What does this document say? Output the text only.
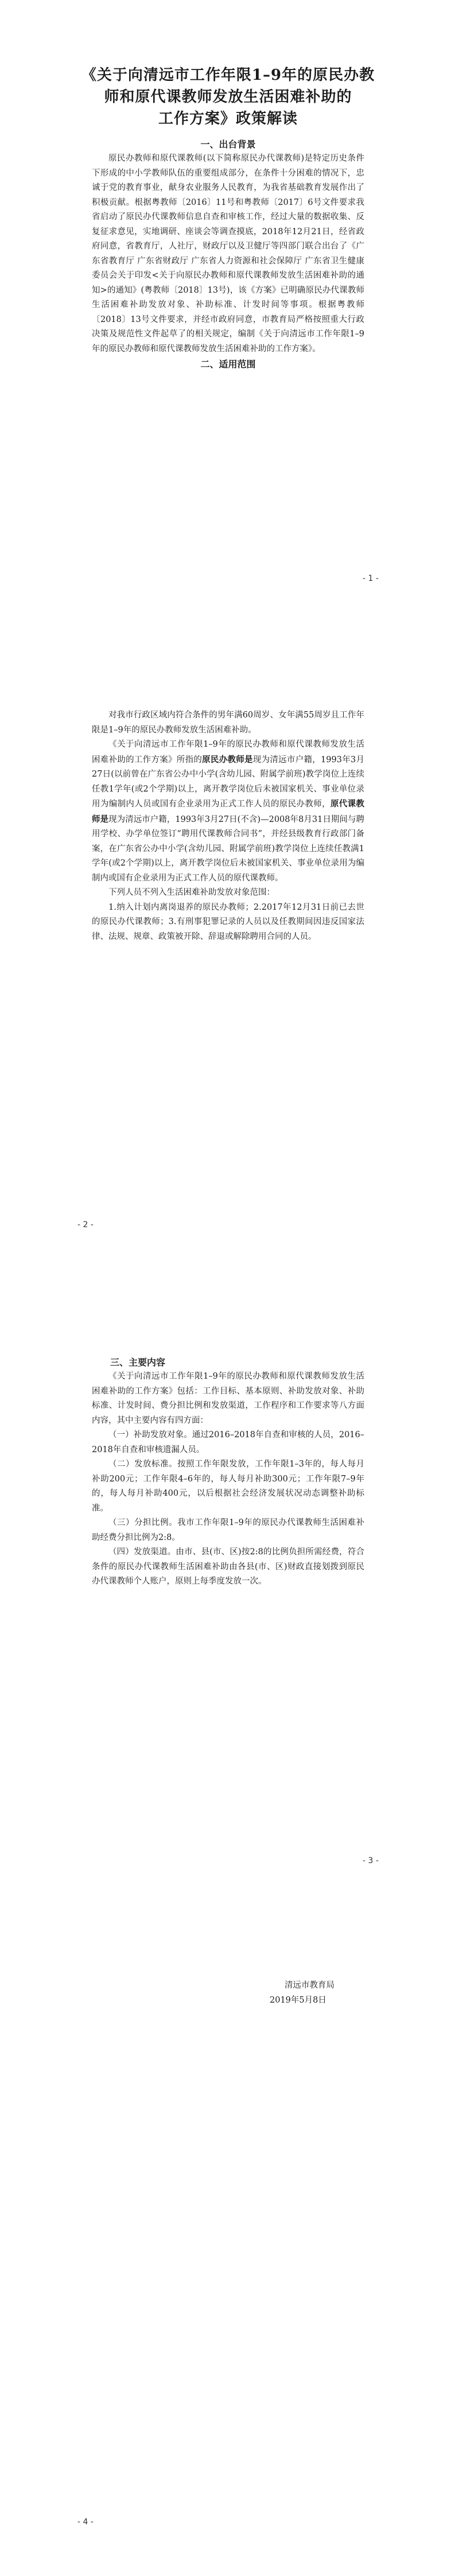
《关于向清远市工作年限1–9年的原民办教
师和原代课教师发放生活困难补助的
工作方案》政策解读

一、出台背景

原民办教师和原代课教师(以下简称原民办代课教师)是特定历史条件下形成的中小学教师队伍的重要组成部分，在条件十分困难的情况下，忠诚于党的教育事业，献身农业服务人民教育，为我省基础教育发展作出了积极贡献。根据粤教师〔2016〕11号和粤教师〔2017〕6号文件要求我省启动了原民办代课教师信息自查和审核工作，经过大量的数据收集、反复征求意见，实地调研、座谈会等调查摸底，2018年12月21日，经省政府同意，省教育厅，人社厅，财政厅以及卫健厅等四部门联合出台了《广东省教育厅 广东省财政厅 广东省人力资源和社会保障厅 广东省卫生健康委员会关于印发<关于向原民办教师和原代课教师发放生活困难补助的通知>的通知》(粤教师〔2018〕13号)，该《方案》已明确原民办代课教师生活困难补助发放对象、补助标准、计发时间等事项。根据粤教师〔2018〕13号文件要求，并经市政府同意，市教育局严格按照重大行政决策及规范性文件起草了的相关规定，编制《关于向清远市工作年限1–9年的原民办教师和原代课教师发放生活困难补助的工作方案》。

二、适用范围

- 1 -

对我市行政区域内符合条件的男年满60周岁、女年满55周岁且工作年限是1–9年的原民办教师发放生活困难补助。

《关于向清远市工作年限1–9年的原民办教师和原代课教师发放生活困难补助的工作方案》所指的原民办教师是现为清远市户籍，1993年3月27日(以前曾在广东省公办中小学(含幼儿园、附属学前班)教学岗位上连续任教1学年(或2个学期)以上，离开教学岗位后未被国家机关、事业单位录用为编制内人员或国有企业录用为正式工作人员的原民办教师，原代课教师是现为清远市户籍，1993年3月27日(不含)—2008年8月31日期间与聘用学校、办学单位签订“聘用代课教师合同书”，并经县级教育行政部门备案，在广东省公办中小学(含幼儿园、附属学前班)教学岗位上连续任教满1学年(或2个学期)以上，离开教学岗位后未被国家机关、事业单位录用为编制内或国有企业录用为正式工作人员的原代课教师。

下列人员不列入生活困难补助发放对象范围：

1.纳入计划内离岗退养的原民办教师；2.2017年12月31日前已去世的原民办代课教师；3.有刑事犯罪记录的人员以及任教期间因违反国家法律、法规、规章、政策被开除、辞退或解除聘用合同的人员。

- 2 -

三、主要内容

《关于向清远市工作年限1–9年的原民办教师和原代课教师发放生活困难补助的工作方案》包括：工作目标、基本原则、补助发放对象、补助标准、计发时间、费分担比例和发放渠道，工作程序和工作要求等八方面内容，其中主要内容有四方面：

（一）补助发放对象。通过2016–2018年自查和审核的人员，2016–2018年自查和审核遗漏人员。

（二）发放标准。按照工作年限发放，工作年限1–3年的，每人每月补助200元；工作年限4–6年的，每人每月补助300元；工作年限7–9年的，每人每月补助400元，以后根据社会经济发展状况动态调整补助标准。

（三）分担比例。我市工作年限1–9年的原民办代课教师生活困难补助经费分担比例为2:8。

（四）发放渠道。由市、县(市、区)按2:8的比例负担所需经费，符合条件的原民办代课教师生活困难补助由各县(市、区)财政直接划拨到原民办代课教师个人账户，原则上每季度发放一次。

- 3 -
清远市教育局
2019年5月8日
- 4 -
